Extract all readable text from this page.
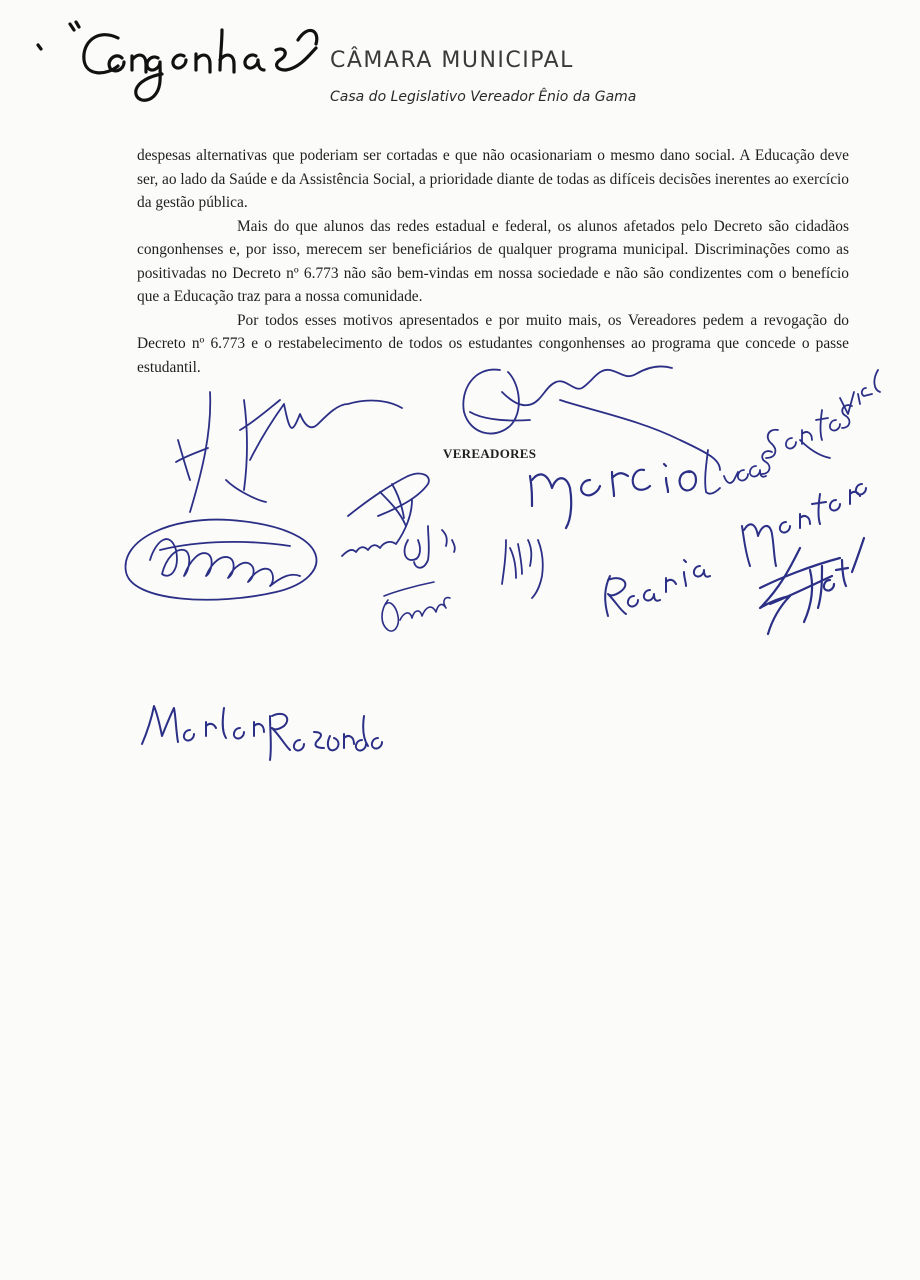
CÂMARA MUNICIPAL
Casa do Legislativo Vereador Ênio da Gama

despesas alternativas que poderiam ser cortadas e que não ocasionariam o mesmo dano social. A Educação deve ser, ao lado da Saúde e da Assistência Social, a prioridade diante de todas as difíceis decisões inerentes ao exercício da gestão pública.

Mais do que alunos das redes estadual e federal, os alunos afetados pelo Decreto são cidadãos congonhenses e, por isso, merecem ser beneficiários de qualquer programa municipal. Discriminações como as positivadas no Decreto nº 6.773 não são bem-vindas em nossa sociedade e não são condizentes com o benefício que a Educação traz para a nossa comunidade.

Por todos esses motivos apresentados e por muito mais, os Vereadores pedem a revogação do Decreto nº 6.773 e o restabelecimento de todos os estudantes congonhenses ao programa que concede o passe estudantil.

VEREADORES
